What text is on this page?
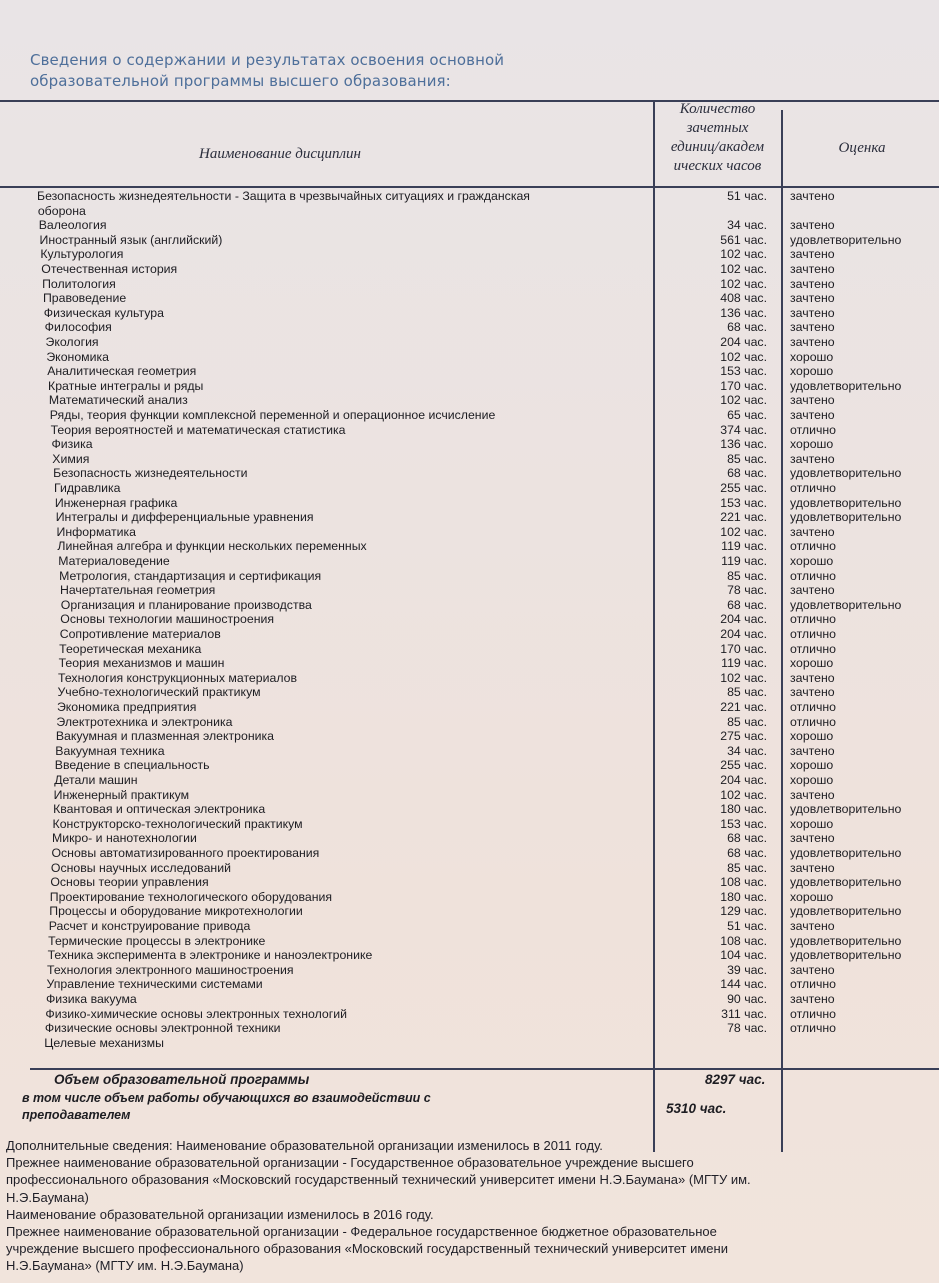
Сведения о содержании и результатах освоения основной
образовательной программы высшего образования:
Наименование дисциплин
Количество
зачетных
единиц/академ
ических часов
Оценка
Безопасность жизнедеятельности - Защита в чрезвычайных ситуациях и гражданская	51 час. зачтено
оборона
Валеология	34 час. зачтено
Иностранный язык (английский)	561 час. удовлетворительно
Культурология	102 час. зачтено
Отечественная история	102 час. зачтено
Политология	102 час. зачтено
Правоведение	408 час. зачтено
Физическая культура	136 час. зачтено
Философия	68 час. зачтено
Экология	204 час. зачтено
Экономика	102 час. хорошо
Аналитическая геометрия	153 час. хорошо
Кратные интегралы и ряды	170 час. удовлетворительно
Математический анализ	102 час. зачтено
Ряды, теория функции комплексной переменной и операционное исчисление	65 час. зачтено
Теория вероятностей и математическая статистика	374 час. отлично
Физика	136 час. хорошо
Химия	85 час. зачтено
Безопасность жизнедеятельности	68 час. удовлетворительно
Гидравлика	255 час. отлично
Инженерная графика	153 час. удовлетворительно
Интегралы и дифференциальные уравнения	221 час. удовлетворительно
Информатика	102 час. зачтено
Линейная алгебра и функции нескольких переменных	119 час. отлично
Материаловедение	119 час. хорошо
Метрология, стандартизация и сертификация	85 час. отлично
Начертательная геометрия	78 час. зачтено
Организация и планирование производства	68 час. удовлетворительно
Основы технологии машиностроения	204 час. отлично
Сопротивление материалов	204 час. отлично
Теоретическая механика	170 час. отлично
Теория механизмов и машин	119 час. хорошо
Технология конструкционных материалов	102 час. зачтено
Учебно-технологический практикум	85 час. зачтено
Экономика предприятия	221 час. отлично
Электротехника и электроника	85 час. отлично
Вакуумная и плазменная электроника	275 час. хорошо
Вакуумная техника	34 час. зачтено
Введение в специальность	255 час. хорошо
Детали машин	204 час. хорошо
Инженерный практикум	102 час. зачтено
Квантовая и оптическая электроника	180 час. удовлетворительно
Конструкторско-технологический практикум	153 час. хорошо
Микро- и нанотехнологии	68 час. зачтено
Основы автоматизированного проектирования	68 час. удовлетворительно
Основы научных исследований	85 час. зачтено
Основы теории управления	108 час. удовлетворительно
Проектирование технологического оборудования	180 час. хорошо
Процессы и оборудование микротехнологии	129 час. удовлетворительно
Расчет и конструирование привода	51 час. зачтено
Термические процессы в электронике	108 час. удовлетворительно
Техника эксперимента в электронике и наноэлектронике	104 час. удовлетворительно
Технология электронного машиностроения	39 час. зачтено
Управление техническими системами	144 час. отлично
Физика вакуума	90 час. зачтено
Физико-химические основы электронных технологий	311 час. отлично
Физические основы электронной техники	78 час. отлично
Целевые механизмы
Объем образовательной программы	8297 час.
в том числе объем работы обучающихся во взаимодействии с
преподавателем	5310 час.
Дополнительные сведения: Наименование образовательной организации изменилось в 2011 году.
Прежнее наименование образовательной организации - Государственное образовательное учреждение высшего
профессионального образования «Московский государственный технический университет имени Н.Э.Баумана» (МГТУ им.
Н.Э.Баумана)
Наименование образовательной организации изменилось в 2016 году.
Прежнее наименование образовательной организации - Федеральное государственное бюджетное образовательное
учреждение высшего профессионального образования «Московский государственный технический университет имени
Н.Э.Баумана» (МГТУ им. Н.Э.Баумана)
